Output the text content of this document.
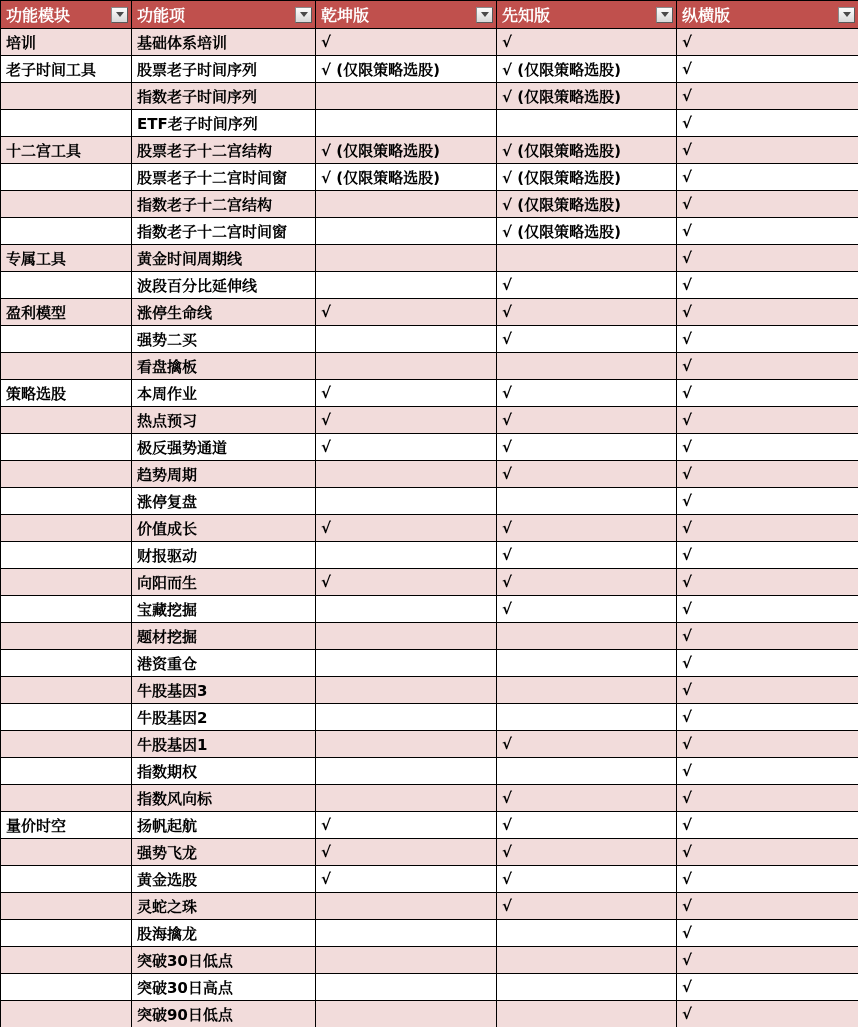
功能模块	功能项	乾坤版	先知版	纵横版

培训	基础体系培训	√	√	√
老子时间工具	股票老子时间序列	√ (仅限策略选股)	√ (仅限策略选股)	√
	指数老子时间序列		√ (仅限策略选股)	√
	ETF老子时间序列			√
十二宫工具	股票老子十二宫结构	√ (仅限策略选股)	√ (仅限策略选股)	√
	股票老子十二宫时间窗	√ (仅限策略选股)	√ (仅限策略选股)	√
	指数老子十二宫结构		√ (仅限策略选股)	√
	指数老子十二宫时间窗		√ (仅限策略选股)	√
专属工具	黄金时间周期线			√
	波段百分比延伸线		√	√
盈利模型	涨停生命线	√	√	√
	强势二买		√	√
	看盘擒板			√
策略选股	本周作业	√	√	√
	热点预习	√	√	√
	极反强势通道	√	√	√
	趋势周期		√	√
	涨停复盘			√
	价值成长	√	√	√
	财报驱动		√	√
	向阳而生	√	√	√
	宝藏挖掘		√	√
	题材挖掘			√
	港资重仓			√
	牛股基因3			√
	牛股基因2			√
	牛股基因1		√	√
	指数期权			√
	指数风向标		√	√
量价时空	扬帆起航	√	√	√
	强势飞龙	√	√	√
	黄金选股	√	√	√
	灵蛇之珠		√	√
	股海擒龙			√
	突破30日低点			√
	突破30日高点			√
	突破90日低点			√
